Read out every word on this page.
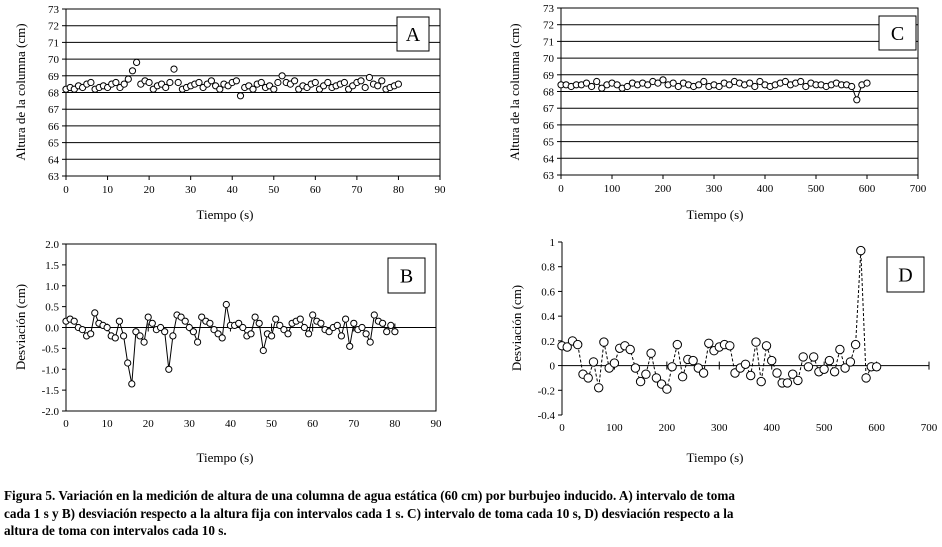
63
64
65
66
67
68
69
70
71
72
73
0	10	20	30	40	50	60	70	80	90
Tiempo (s)
Altura de la columna (cm)	A
-2.0
-1.5
-1.0
-0.5
0.0
0.5
1.0
1.5
2.0
0	10	20	30	40	50	60	70	80	90
Tiempo (s)
Desviación (cm)
B
63
64
65
66
67
68
69
70
71
72
73
0	100	200	300	400	500	600	700
Tiempo (s)
Altura de la columna (cm)	C
-0.4
-0.2
0
0.2
0.4
0.6
0.8
1
0	100	200	300	400	500	600	700
Tiempo (s)
Desviación (cm)
D
Figura 5. Variación en la medición de altura de una columna de agua estática (60 cm) por burbujeo inducido. A) intervalo de toma
cada 1 s y B) desviación respecto a la altura fija con intervalos cada 1 s. C) intervalo de toma cada 10 s, D) desviación respecto a la
altura de toma con intervalos cada 10 s.
